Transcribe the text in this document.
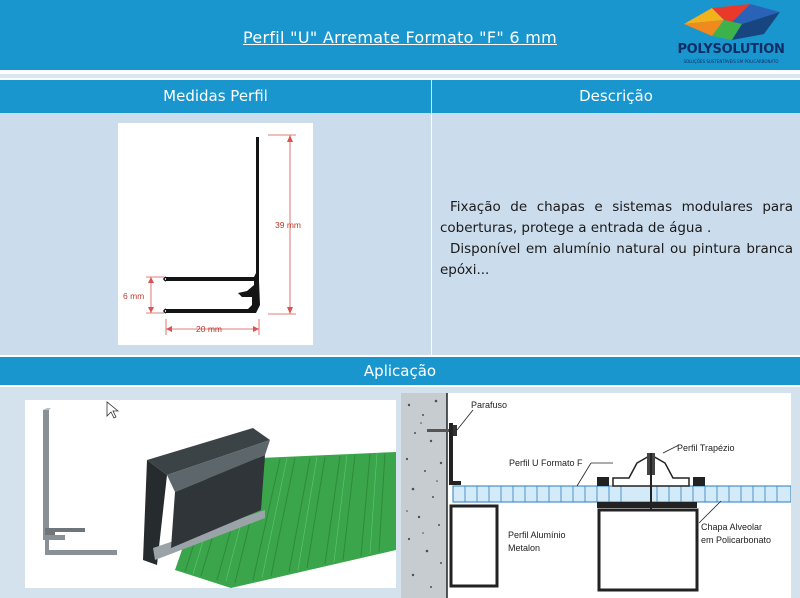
Perfil "U" Arremate Formato "F" 6 mm
POLYSOLUTION
SOLUÇÕES SUSTENTÁVEIS EM POLICARBONATO
Medidas Perfil	Descrição
39 mm
6 mm
20 mm

Fixação de chapas e sistemas modulares para coberturas, protege a entrada de água .

Disponível em alumínio natural ou pintura branca epóxi...

Aplicação
Parafuso
Perfil U Formato F
Perfil Trapézio
Perfil Alumínio
Metalon
Chapa Alveolar
em Policarbonato
